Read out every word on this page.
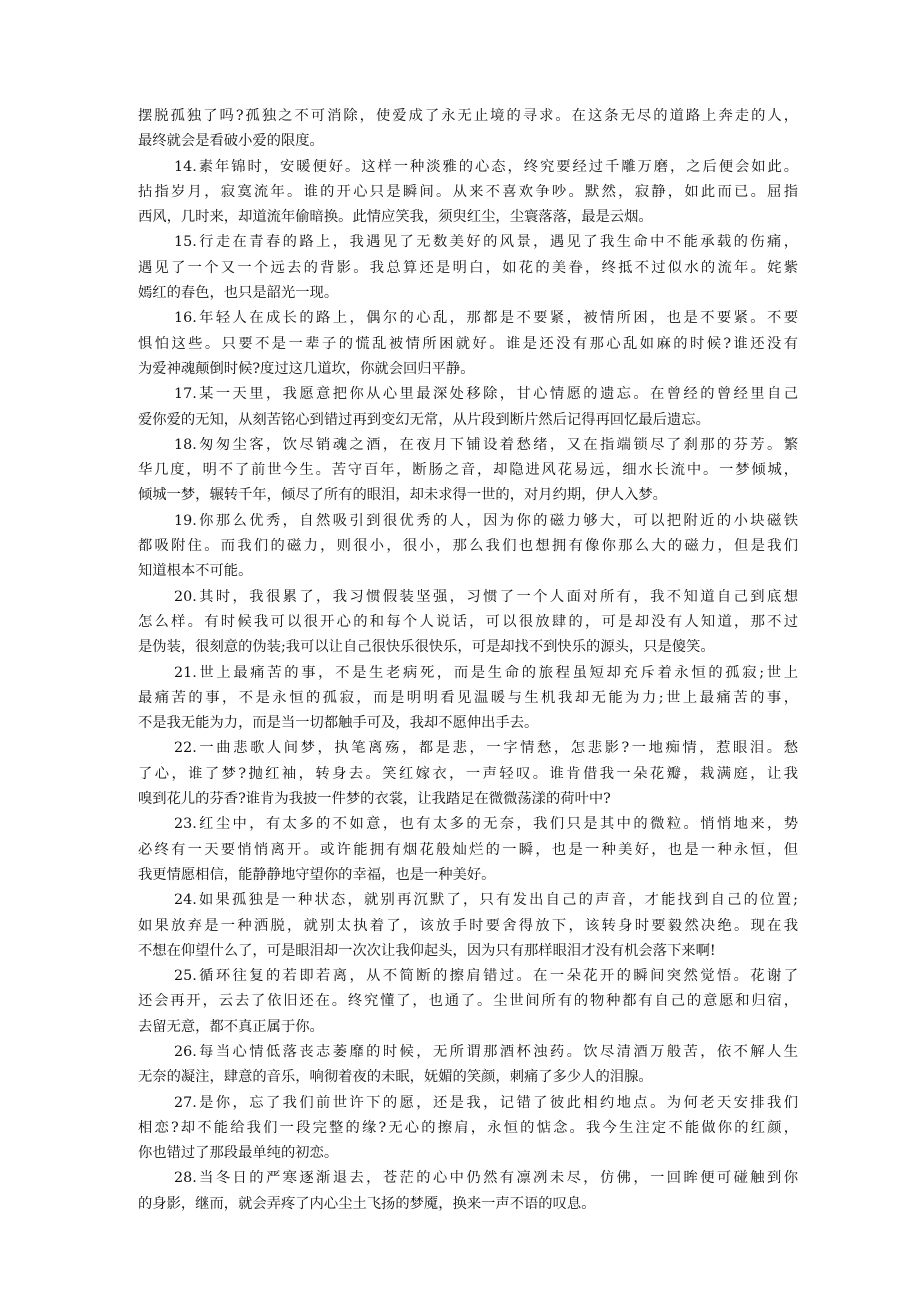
摆脱孤独了吗?孤独之不可消除，使爱成了永无止境的寻求。在这条无尽的道路上奔走的人，
最终就会是看破小爱的限度。
14.素年锦时，安暖便好。这样一种淡雅的心态，终究要经过千雕万磨，之后便会如此。
拈指岁月，寂寞流年。谁的开心只是瞬间。从来不喜欢争吵。默然，寂静，如此而已。屈指
西风，几时来，却道流年偷暗换。此情应笑我，须臾红尘，尘寰落落，最是云烟。
15.行走在青春的路上，我遇见了无数美好的风景，遇见了我生命中不能承载的伤痛，
遇见了一个又一个远去的背影。我总算还是明白，如花的美眷，终抵不过似水的流年。姹紫
嫣红的春色，也只是韶光一现。
16.年轻人在成长的路上，偶尔的心乱，那都是不要紧，被情所困，也是不要紧。不要
惧怕这些。只要不是一辈子的慌乱被情所困就好。谁是还没有那心乱如麻的时候?谁还没有
为爱神魂颠倒时候?度过这几道坎，你就会回归平静。
17.某一天里，我愿意把你从心里最深处移除，甘心情愿的遗忘。在曾经的曾经里自己
爱你爱的无知，从刻苦铭心到错过再到变幻无常，从片段到断片然后记得再回忆最后遗忘。
18.匆匆尘客，饮尽销魂之酒，在夜月下铺设着愁绪，又在指端锁尽了刹那的芬芳。繁
华几度，明不了前世今生。苦守百年，断肠之音，却隐进风花易远，细水长流中。一梦倾城，
倾城一梦，辗转千年，倾尽了所有的眼泪，却未求得一世的，对月约期，伊人入梦。
19.你那么优秀，自然吸引到很优秀的人，因为你的磁力够大，可以把附近的小块磁铁
都吸附住。而我们的磁力，则很小，很小，那么我们也想拥有像你那么大的磁力，但是我们
知道根本不可能。
20.其时，我很累了，我习惯假装坚强，习惯了一个人面对所有，我不知道自己到底想
怎么样。有时候我可以很开心的和每个人说话，可以很放肆的，可是却没有人知道，那不过
是伪装，很刻意的伪装;我可以让自己很快乐很快乐，可是却找不到快乐的源头，只是傻笑。
21.世上最痛苦的事，不是生老病死，而是生命的旅程虽短却充斥着永恒的孤寂;世上
最痛苦的事，不是永恒的孤寂，而是明明看见温暖与生机我却无能为力;世上最痛苦的事，
不是我无能为力，而是当一切都触手可及，我却不愿伸出手去。
22.一曲悲歌人间梦，执笔离殇，都是悲，一字情愁，怎悲影?一地痴情，惹眼泪。愁
了心，谁了梦?抛红袖，转身去。笑红嫁衣，一声轻叹。谁肯借我一朵花瓣，栽满庭，让我
嗅到花儿的芬香?谁肯为我披一件梦的衣裳，让我踏足在微微荡漾的荷叶中?
23.红尘中，有太多的不如意，也有太多的无奈，我们只是其中的微粒。悄悄地来，势
必终有一天要悄悄离开。或许能拥有烟花般灿烂的一瞬，也是一种美好，也是一种永恒，但
我更情愿相信，能静静地守望你的幸福，也是一种美好。
24.如果孤独是一种状态，就别再沉默了，只有发出自己的声音，才能找到自己的位置;
如果放弃是一种洒脱，就别太执着了，该放手时要舍得放下，该转身时要毅然决绝。现在我
不想在仰望什么了，可是眼泪却一次次让我仰起头，因为只有那样眼泪才没有机会落下来啊!
25.循环往复的若即若离，从不简断的擦肩错过。在一朵花开的瞬间突然觉悟。花谢了
还会再开，云去了依旧还在。终究懂了，也通了。尘世间所有的物种都有自己的意愿和归宿，
去留无意，都不真正属于你。
26.每当心情低落丧志萎靡的时候，无所谓那酒杯浊药。饮尽清酒万般苦，依不解人生
无奈的凝注，肆意的音乐，响彻着夜的未眠，妩媚的笑颜，刺痛了多少人的泪腺。
27.是你，忘了我们前世许下的愿，还是我，记错了彼此相约地点。为何老天安排我们
相恋?却不能给我们一段完整的缘?无心的擦肩，永恒的惦念。我今生注定不能做你的红颜，
你也错过了那段最单纯的初恋。
28.当冬日的严寒逐渐退去，苍茫的心中仍然有凛冽未尽，仿佛，一回眸便可碰触到你
的身影，继而，就会弄疼了内心尘土飞扬的梦魇，换来一声不语的叹息。
